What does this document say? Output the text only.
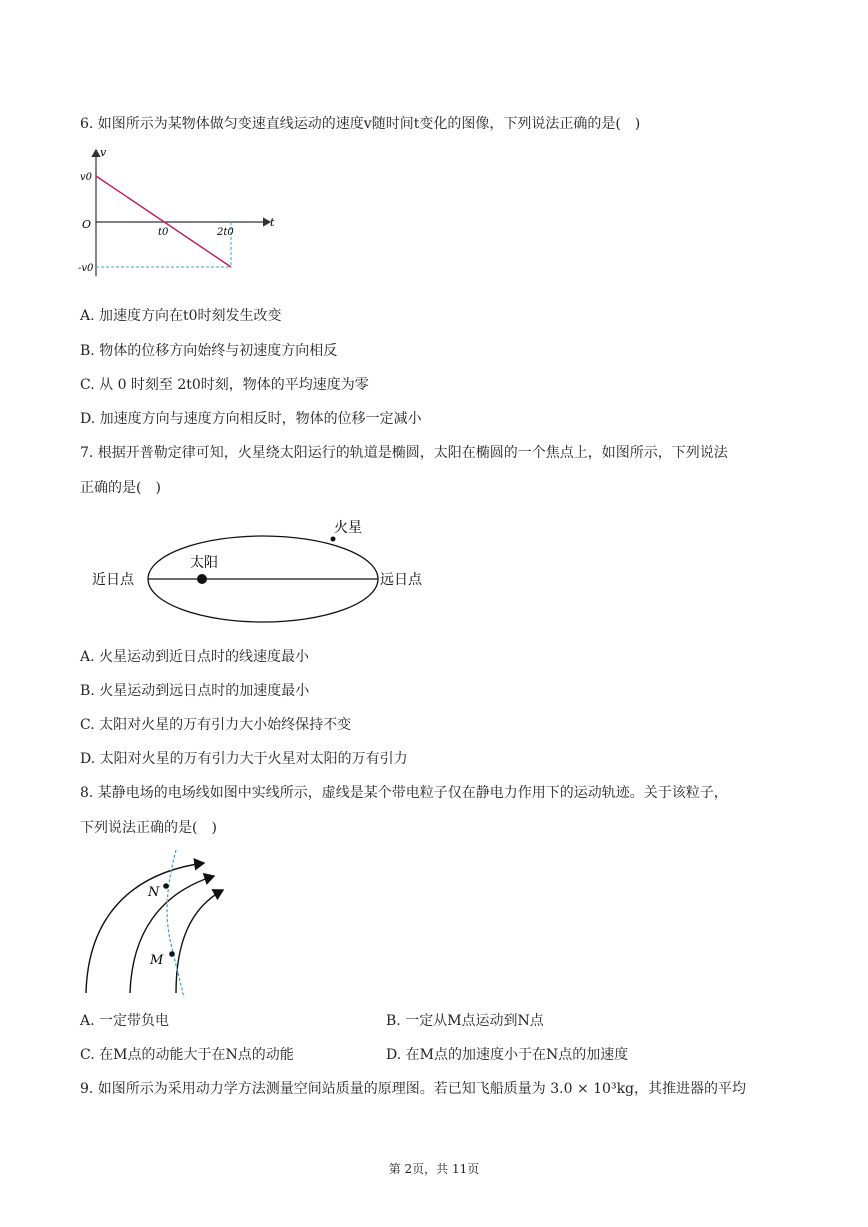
6. 如图所示为某物体做匀变速直线运动的速度v随时间t变化的图像，下列说法正确的是(　)
v
t
O
v0
-v0
t0	2t0
A. 加速度方向在t0时刻发生改变
B. 物体的位移方向始终与初速度方向相反
C. 从 0 时刻至 2t0时刻，物体的平均速度为零
D. 加速度方向与速度方向相反时，物体的位移一定减小
7. 根据开普勒定律可知，火星绕太阳运行的轨道是椭圆，太阳在椭圆的一个焦点上，如图所示，下列说法
正确的是(　)
火星
太阳
近日点	远日点
A. 火星运动到近日点时的线速度最小
B. 火星运动到远日点时的加速度最小
C. 太阳对火星的万有引力大小始终保持不变
D. 太阳对火星的万有引力大于火星对太阳的万有引力
8. 某静电场的电场线如图中实线所示，虚线是某个带电粒子仅在静电力作用下的运动轨迹。关于该粒子，
下列说法正确的是(　)
N
M
A. 一定带负电	B. 一定从M点运动到N点
C. 在M点的动能大于在N点的动能	D. 在M点的加速度小于在N点的加速度
9. 如图所示为采用动力学方法测量空间站质量的原理图。若已知飞船质量为 3.0 × 10³kg，其推进器的平均
第 2页，共 11页
